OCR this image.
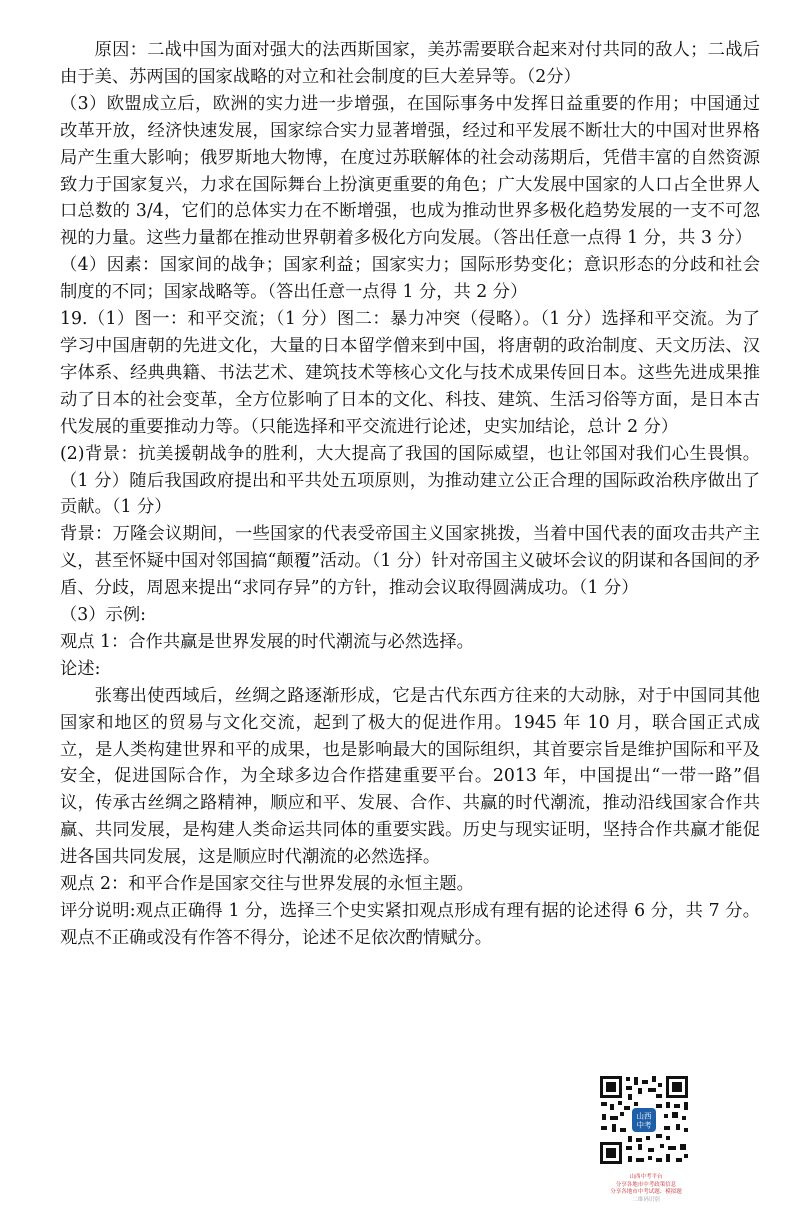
原因：二战中国为面对强大的法西斯国家，美苏需要联合起来对付共同的敌人；二战后由于美、苏两国的国家战略的对立和社会制度的巨大差异等。（2分）

（3）欧盟成立后，欧洲的实力进一步增强，在国际事务中发挥日益重要的作用；中国通过改革开放，经济快速发展，国家综合实力显著增强，经过和平发展不断壮大的中国对世界格局产生重大影响；俄罗斯地大物博，在度过苏联解体的社会动荡期后，凭借丰富的自然资源致力于国家复兴，力求在国际舞台上扮演更重要的角色；广大发展中国家的人口占全世界人口总数的 3/4，它们的总体实力在不断增强，也成为推动世界多极化趋势发展的一支不可忽视的力量。这些力量都在推动世界朝着多极化方向发展。（答出任意一点得 1 分，共 3 分）

（4）因素：国家间的战争；国家利益；国家实力；国际形势变化；意识形态的分歧和社会制度的不同；国家战略等。（答出任意一点得 1 分，共 2 分）

19.（1）图一：和平交流；（1 分）图二：暴力冲突（侵略）。（1 分）选择和平交流。为了学习中国唐朝的先进文化，大量的日本留学僧来到中国，将唐朝的政治制度、天文历法、汉字体系、经典典籍、书法艺术、建筑技术等核心文化与技术成果传回日本。这些先进成果推动了日本的社会变革，全方位影响了日本的文化、科技、建筑、生活习俗等方面，是日本古代发展的重要推动力等。（只能选择和平交流进行论述，史实加结论，总计 2 分）

(2)背景：抗美援朝战争的胜利，大大提高了我国的国际威望，也让邻国对我们心生畏惧。（1 分）随后我国政府提出和平共处五项原则，为推动建立公正合理的国际政治秩序做出了贡献。（1 分）

背景：万隆会议期间，一些国家的代表受帝国主义国家挑拨，当着中国代表的面攻击共产主义，甚至怀疑中国对邻国搞“颠覆”活动。（1 分）针对帝国主义破坏会议的阴谋和各国间的矛盾、分歧，周恩来提出“求同存异”的方针，推动会议取得圆满成功。（1 分）

（3）示例:

观点 1：合作共赢是世界发展的时代潮流与必然选择。

论述:

张骞出使西域后，丝绸之路逐渐形成，它是古代东西方往来的大动脉，对于中国同其他国家和地区的贸易与文化交流，起到了极大的促进作用。1945 年 10 月，联合国正式成立，是人类构建世界和平的成果，也是影响最大的国际组织，其首要宗旨是维护国际和平及安全，促进国际合作，为全球多边合作搭建重要平台。2013 年，中国提出“一带一路”倡议，传承古丝绸之路精神，顺应和平、发展、合作、共赢的时代潮流，推动沿线国家合作共赢、共同发展，是构建人类命运共同体的重要实践。历史与现实证明，坚持合作共赢才能促进各国共同发展，这是顺应时代潮流的必然选择。

观点 2：和平合作是国家交往与世界发展的永恒主题。

评分说明:观点正确得 1 分，选择三个史实紧扣观点形成有理有据的论述得 6 分，共 7 分。观点不正确或没有作答不得分，论述不足依次酌情赋分。

山西
中考
山西中考平台
分享各地市中考政策信息
分享各地市中考试题、模拟题
二维码识别
